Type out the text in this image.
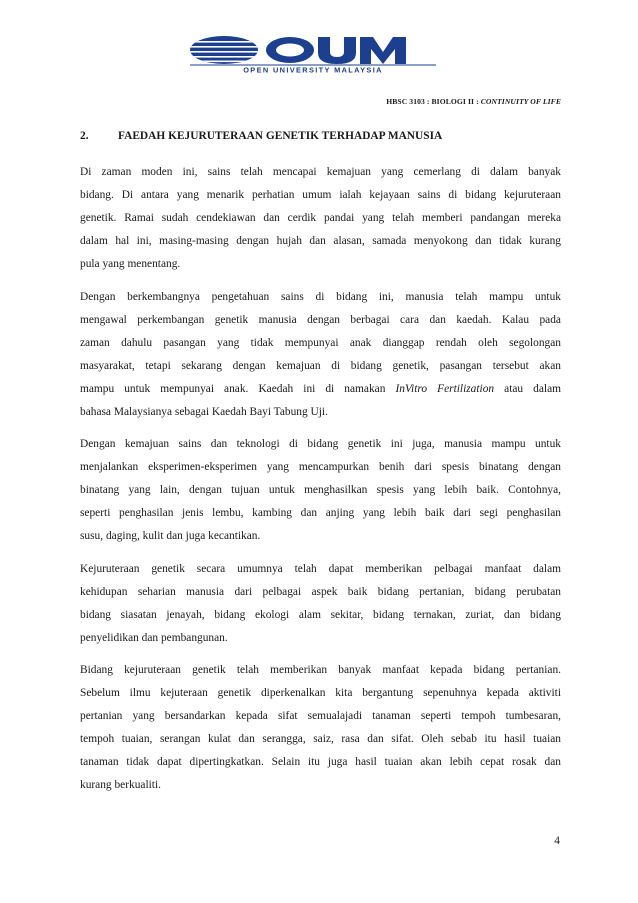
OPEN UNIVERSITY MALAYSIA
HBSC 3103 : BIOLOGI II : CONTINUITY OF LIFE
2.	FAEDAH KEJURUTERAAN GENETIK TERHADAP MANUSIA
Di zaman moden ini, sains telah mencapai kemajuan yang cemerlang di dalam banyak
bidang. Di antara yang menarik perhatian umum ialah kejayaan sains di bidang kejuruteraan
genetik. Ramai sudah cendekiawan dan cerdik pandai yang telah memberi pandangan mereka
dalam hal ini, masing-masing dengan hujah dan alasan, samada menyokong dan tidak kurang
pula yang menentang.
Dengan berkembangnya pengetahuan sains di bidang ini, manusia telah mampu untuk
mengawal perkembangan genetik manusia dengan berbagai cara dan kaedah. Kalau pada
zaman dahulu pasangan yang tidak mempunyai anak dianggap rendah oleh segolongan
masyarakat, tetapi sekarang dengan kemajuan di bidang genetik, pasangan tersebut akan
mampu untuk mempunyai anak. Kaedah ini di namakan InVitro Fertilization atau dalam
bahasa Malaysianya sebagai Kaedah Bayi Tabung Uji.
Dengan kemajuan sains dan teknologi di bidang genetik ini juga, manusia mampu untuk
menjalankan eksperimen-eksperimen yang mencampurkan benih dari spesis binatang dengan
binatang yang lain, dengan tujuan untuk menghasilkan spesis yang lebih baik. Contohnya,
seperti penghasilan jenis lembu, kambing dan anjing yang lebih baik dari segi penghasilan
susu, daging, kulit dan juga kecantikan.
Kejuruteraan genetik secara umumnya telah dapat memberikan pelbagai manfaat dalam
kehidupan seharian manusia dari pelbagai aspek baik bidang pertanian, bidang perubatan
bidang siasatan jenayah, bidang ekologi alam sekitar, bidang ternakan, zuriat, dan bidang
penyelidikan dan pembangunan.
Bidang kejuruteraan genetik telah memberikan banyak manfaat kepada bidang pertanian.
Sebelum ilmu kejuteraan genetik diperkenalkan kita bergantung sepenuhnya kepada aktiviti
pertanian yang bersandarkan kepada sifat semualajadi tanaman seperti tempoh tumbesaran,
tempoh tuaian, serangan kulat dan serangga, saiz, rasa dan sifat. Oleh sebab itu hasil tuaian
tanaman tidak dapat dipertingkatkan. Selain itu juga hasil tuaian akan lebih cepat rosak dan
kurang berkualiti.
4
